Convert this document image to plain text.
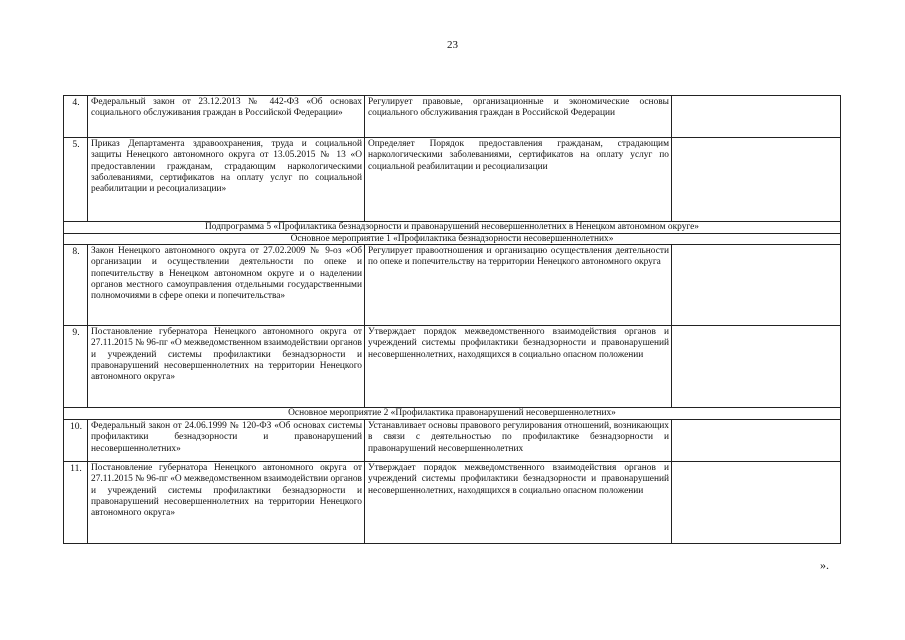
23
4.	Федеральный закон от 23.12.2013 № 442-ФЗ «Об основах социального обслуживания граждан в Российской Федерации»	Регулирует правовые, организационные и экономические основы социального обслуживания граждан в Российской Федерации	
5.	Приказ Департамента здравоохранения, труда и социальной защиты Ненецкого автономного округа от 13.05.2015 № 13 «О предоставлении гражданам, страдающим наркологическими заболеваниями, сертификатов на оплату услуг по социальной реабилитации и ресоциализации»	Определяет Порядок предоставления гражданам, страдающим наркологическими заболеваниями, сертификатов на оплату услуг по социальной реабилитации и ресоциализации	
Подпрограмма 5 «Профилактика безнадзорности и правонарушений несовершеннолетних в Ненецком автономном округе»			
Основное мероприятие 1 «Профилактика безнадзорности несовершеннолетних»			
8.	Закон Ненецкого автономного округа от 27.02.2009 № 9-оз «Об организации и осуществлении деятельности по опеке и попечительству в Ненецком автономном округе и о наделении органов местного самоуправления отдельными государственными полномочиями в сфере опеки и попечительства»	Регулирует правоотношения и организацию осуществления деятельности по опеке и попечительству на территории Ненецкого автономного округа	
9.	Постановление губернатора Ненецкого автономного округа от 27.11.2015 № 96-пг «О межведомственном взаимодействии органов и учреждений системы профилактики безнадзорности и правонарушений несовершеннолетних на территории Ненецкого автономного округа»	Утверждает порядок межведомственного взаимодействия органов и учреждений системы профилактики безнадзорности и правонарушений несовершеннолетних, находящихся в социально опасном положении	
Основное мероприятие 2 «Профилактика правонарушений несовершеннолетних»			
10.	Федеральный закон от 24.06.1999 № 120-ФЗ «Об основах системы профилактики безнадзорности и правонарушений несовершеннолетних»	Устанавливает основы правового регулирования отношений, возникающих в связи с деятельностью по профилактике безнадзорности и правонарушений несовершеннолетних	
11.	Постановление губернатора Ненецкого автономного округа от 27.11.2015 № 96-пг «О межведомственном взаимодействии органов и учреждений системы профилактики безнадзорности и правонарушений несовершеннолетних на территории Ненецкого автономного округа»	Утверждает порядок межведомственного взаимодействия органов и учреждений системы профилактики безнадзорности и правонарушений несовершеннолетних, находящихся в социально опасном положении	
».
